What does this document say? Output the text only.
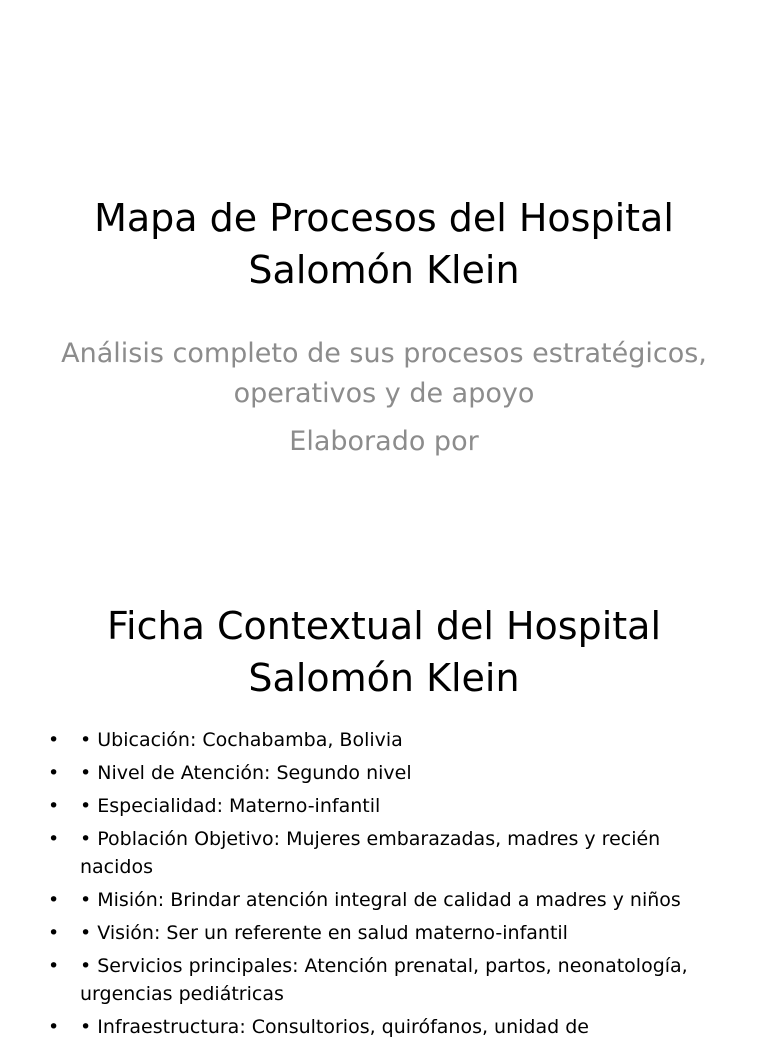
Mapa de Procesos del Hospital Salomón Klein

Análisis completo de sus procesos estratégicos, operativos y de apoyo

Elaborado por

Ficha Contextual del Hospital Salomón Klein
• • Ubicación: Cochabamba, Bolivia
• • Nivel de Atención: Segundo nivel
• • Especialidad: Materno-infantil
• • Población Objetivo: Mujeres embarazadas, madres y recién nacidos
• • Misión: Brindar atención integral de calidad a madres y niños
• • Visión: Ser un referente en salud materno-infantil
• • Servicios principales: Atención prenatal, partos, neonatología, urgencias pediátricas
• • Infraestructura: Consultorios, quirófanos, unidad de
